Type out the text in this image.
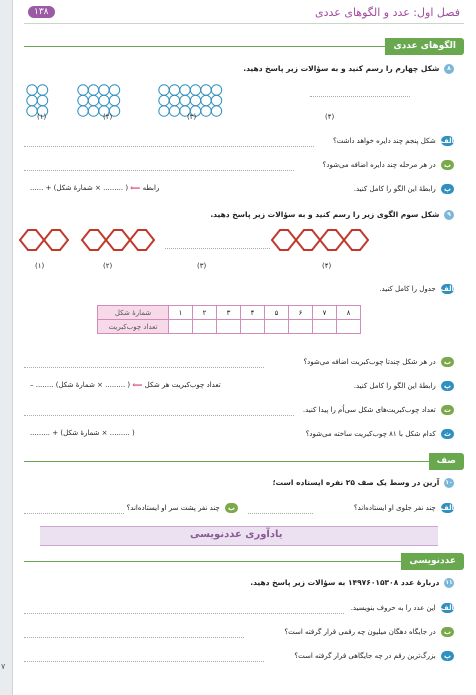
۷
۱۳۸	فصل اول: عدد و الگوهای عددی
الگوهای عددی
۸ شکل چهارم را رسم کنید و به سؤالات زیر پاسخ دهید.
(۱)	(۲)	(۳)	(۴)
الف شکل پنجم چند دایره خواهد داشت؟
ب در هر مرحله چند دایره اضافه می‌شود؟
پ رابطهٔ این الگو را کامل کنید.
رابطه ⟸ ( ......... × شمارهٔ شکل) + ......
۹ شکل سوم الگوی زیر را رسم کنید و به سؤالات زیر پاسخ دهید.
(۱)	(۲)	(۳)	(۴)
الف جدول را کامل کنید.
شمارهٔ شکل	۱	۲	۳	۴	۵	۶	۷	۸
تعداد چوب‌کبریت								
ب در هر شکل چندتا چوب‌کبریت اضافه می‌شود؟
پ رابطهٔ این الگو را کامل کنید.
تعداد چوب‌کبریت هر شکل ⟸ ( ......... × شمارهٔ شکل) ........ –
ت تعداد چوب‌کبریت‌های شکل سی‌اُم را پیدا کنید.
ث کدام شکل با ۸۱ چوب‌کبریت ساخته می‌شود؟
( ......... × شمارهٔ شکل) + .........
صف
۱۰ آرین در وسط یک صف ۲۵ نفره ایستاده است؛
الف چند نفر جلوی او ایستاده‌اند؟
ب چند نفر پشت سر او ایستاده‌اند؟
یادآوری عددنویسی
عددنویسی
۱۱ دربارهٔ عدد ۱۴۹۷۶۰۱۵۳۰۸ به سؤالات زیر پاسخ دهید.
الف این عدد را به حروف بنویسید.
ب در جایگاه دهگان میلیون چه رقمی قرار گرفته است؟
پ بزرگ‌ترین رقم در چه جایگاهی قرار گرفته است؟
